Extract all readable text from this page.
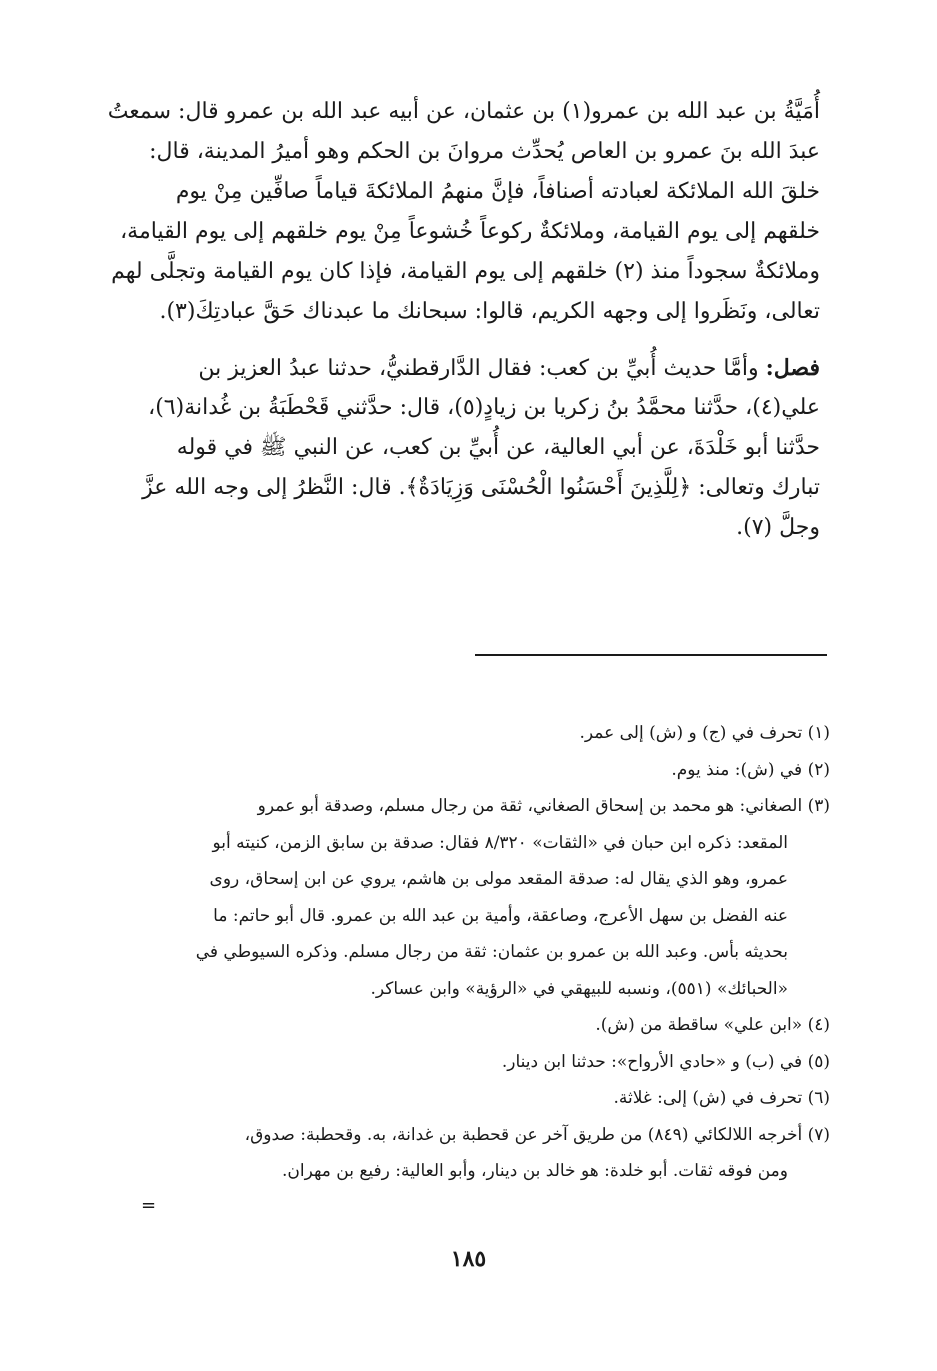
أُمَيَّةُ بن عبد الله بن عمرو(١) بن عثمان، عن أبيه عبد الله بن عمرو قال: سمعتُ
عبدَ الله بنَ عمرو بن العاص يُحدِّث مروانَ بن الحكم وهو أميرُ المدينة، قال:
خلقَ الله الملائكة لعبادته أصنافاً، فإنَّ منهمُ الملائكةَ قياماً صافِّين مِنْ يوم
خلقهم إلى يوم القيامة، وملائكةٌ ركوعاً خُشوعاً مِنْ يوم خلقهم إلى يوم القيامة،
وملائكةٌ سجوداً منذ (٢) خلقهم إلى يوم القيامة، فإذا كان يوم القيامة وتجلَّى لهم
تعالى، ونَظَروا إلى وجهه الكريم، قالوا: سبحانك ما عبدناك حَقَّ عبادتِكَ(٣).
فصل: وأمَّا حديث أُبيِّ بن كعب: فقال الدَّارقطنيُّ، حدثنا عبدُ العزيز بن
علي(٤)، حدَّثنا محمَّدُ بنُ زكريا بن زيادٍ(٥)، قال: حدَّثني قَحْطَبَةُ بن غُدانة(٦)،
حدَّثنا أبو خَلْدَةَ، عن أبي العالية، عن أُبيِّ بن كعب، عن النبي ﷺ في قوله
تبارك وتعالى: ﴿لِلَّذِينَ أَحْسَنُوا الْحُسْنَى وَزِيَادَةٌ﴾. قال: النَّظرُ إلى وجه الله عزَّ
وجلَّ (٧).
(١) تحرف في (ج) و (ش) إلى عمر.
(٢) في (ش): منذ يوم.
(٣) الصغاني: هو محمد بن إسحاق الصغاني، ثقة من رجال مسلم، وصدقة أبو عمرو
المقعد: ذكره ابن حبان في «الثقات» ٨/٣٢٠ فقال: صدقة بن سابق الزمن، كنيته أبو
عمرو، وهو الذي يقال له: صدقة المقعد مولى بن هاشم، يروي عن ابن إسحاق، روى
عنه الفضل بن سهل الأعرج، وصاعقة، وأمية بن عبد الله بن عمرو. قال أبو حاتم: ما
بحديثه بأس. وعبد الله بن عمرو بن عثمان: ثقة من رجال مسلم. وذكره السيوطي في
«الحبائك» (٥٥١)، ونسبه للبيهقي في «الرؤية» وابن عساكر.
(٤) «ابن علي» ساقطة من (ش).
(٥) في (ب) و «حادي الأرواح»: حدثنا ابن دينار.
(٦) تحرف في (ش) إلى: غلاثة.
(٧) أخرجه اللالكائي (٨٤٩) من طريق آخر عن قحطبة بن غدانة، به. وقحطبة: صدوق،
ومن فوقه ثقات. أبو خلدة: هو خالد بن دينار، وأبو العالية: رفيع بن مهران.
=
١٨٥
